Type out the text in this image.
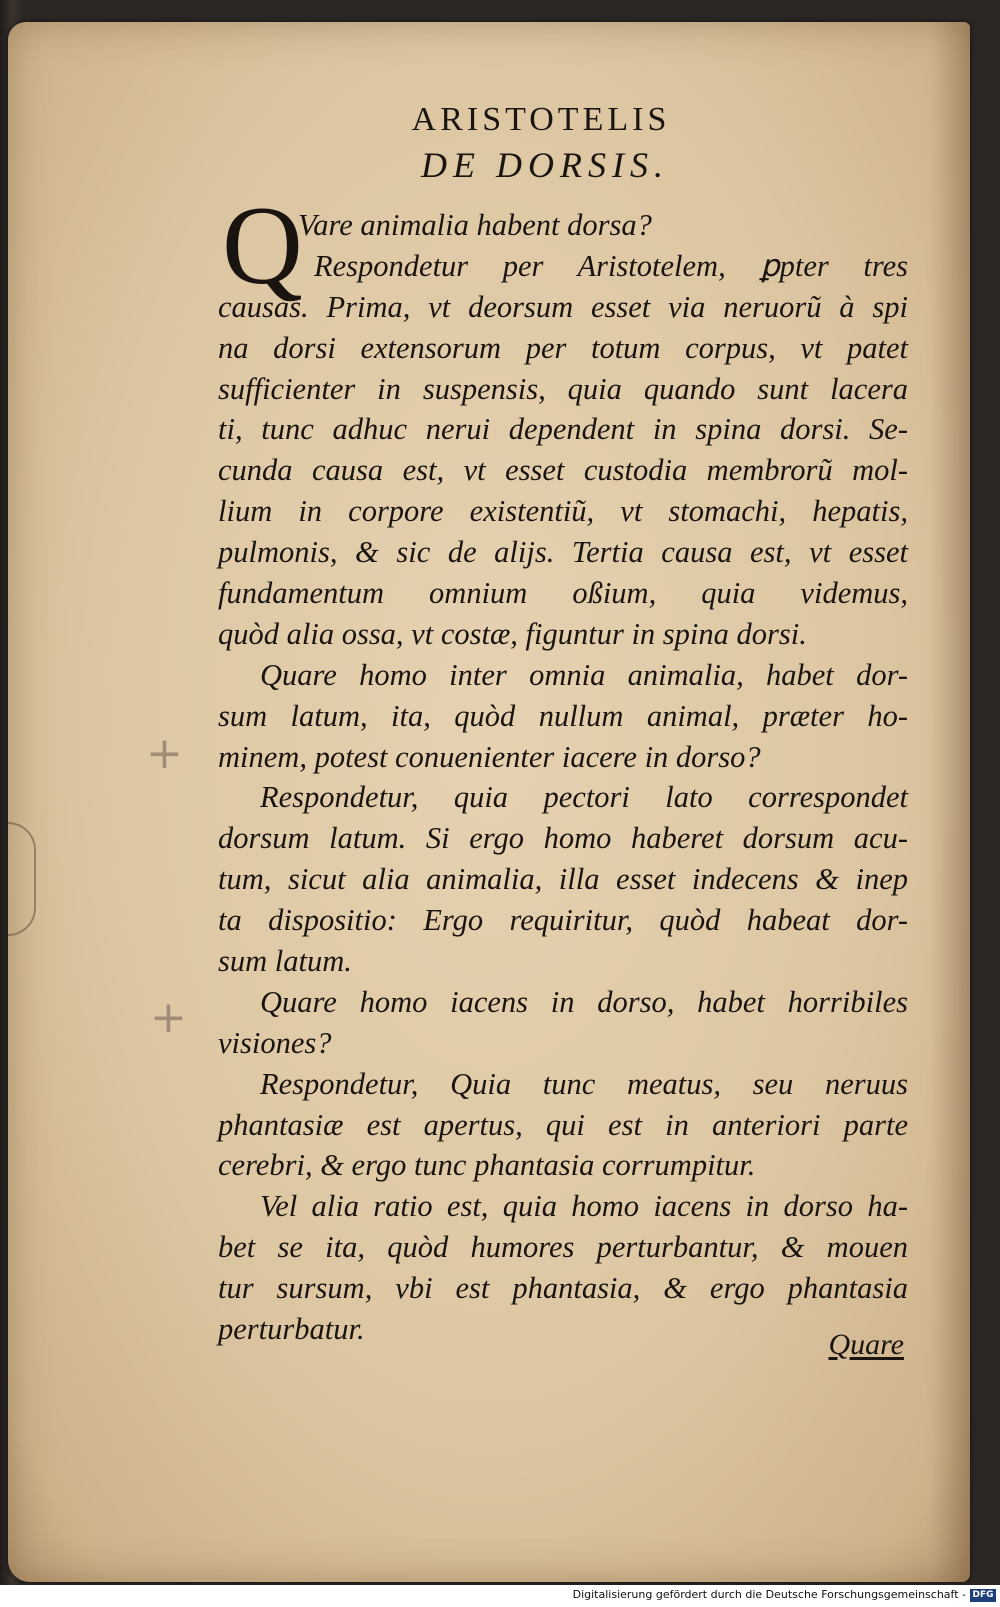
ARISTOTELIS
DE DORSIS.
Q
Vare animalia habent dorsa?
Respondetur per Aristotelem, ꝑpter tres
causas. Prima, vt deorsum esset via neruorũ à spi
na dorsi extensorum per totum corpus, vt patet
sufficienter in suspensis, quia quando sunt lacera
ti, tunc adhuc nerui dependent in spina dorsi. Se-
cunda causa est, vt esset custodia membrorũ mol-
lium in corpore existentiũ, vt stomachi, hepatis,
pulmonis, & sic de alijs. Tertia causa est, vt esset
fundamentum omnium oßium, quia videmus,
quòd alia ossa, vt costæ, figuntur in spina dorsi.
Quare homo inter omnia animalia, habet dor-
sum latum, ita, quòd nullum animal, præter ho-
minem, potest conuenienter iacere in dorso?
Respondetur, quia pectori lato correspondet
dorsum latum. Si ergo homo haberet dorsum acu-
tum, sicut alia animalia, illa esset indecens & inep
ta dispositio: Ergo requiritur, quòd habeat dor-
sum latum.
Quare homo iacens in dorso, habet horribiles
visiones?
Respondetur, Quia tunc meatus, seu neruus
phantasiæ est apertus, qui est in anteriori parte
cerebri, & ergo tunc phantasia corrumpitur.
Vel alia ratio est, quia homo iacens in dorso ha-
bet se ita, quòd humores perturbantur, & mouen
tur sursum, vbi est phantasia, & ergo phantasia
perturbatur.
+
+
Quare
Digitalisierung gefördert durch die Deutsche Forschungsgemeinschaft - DFG
